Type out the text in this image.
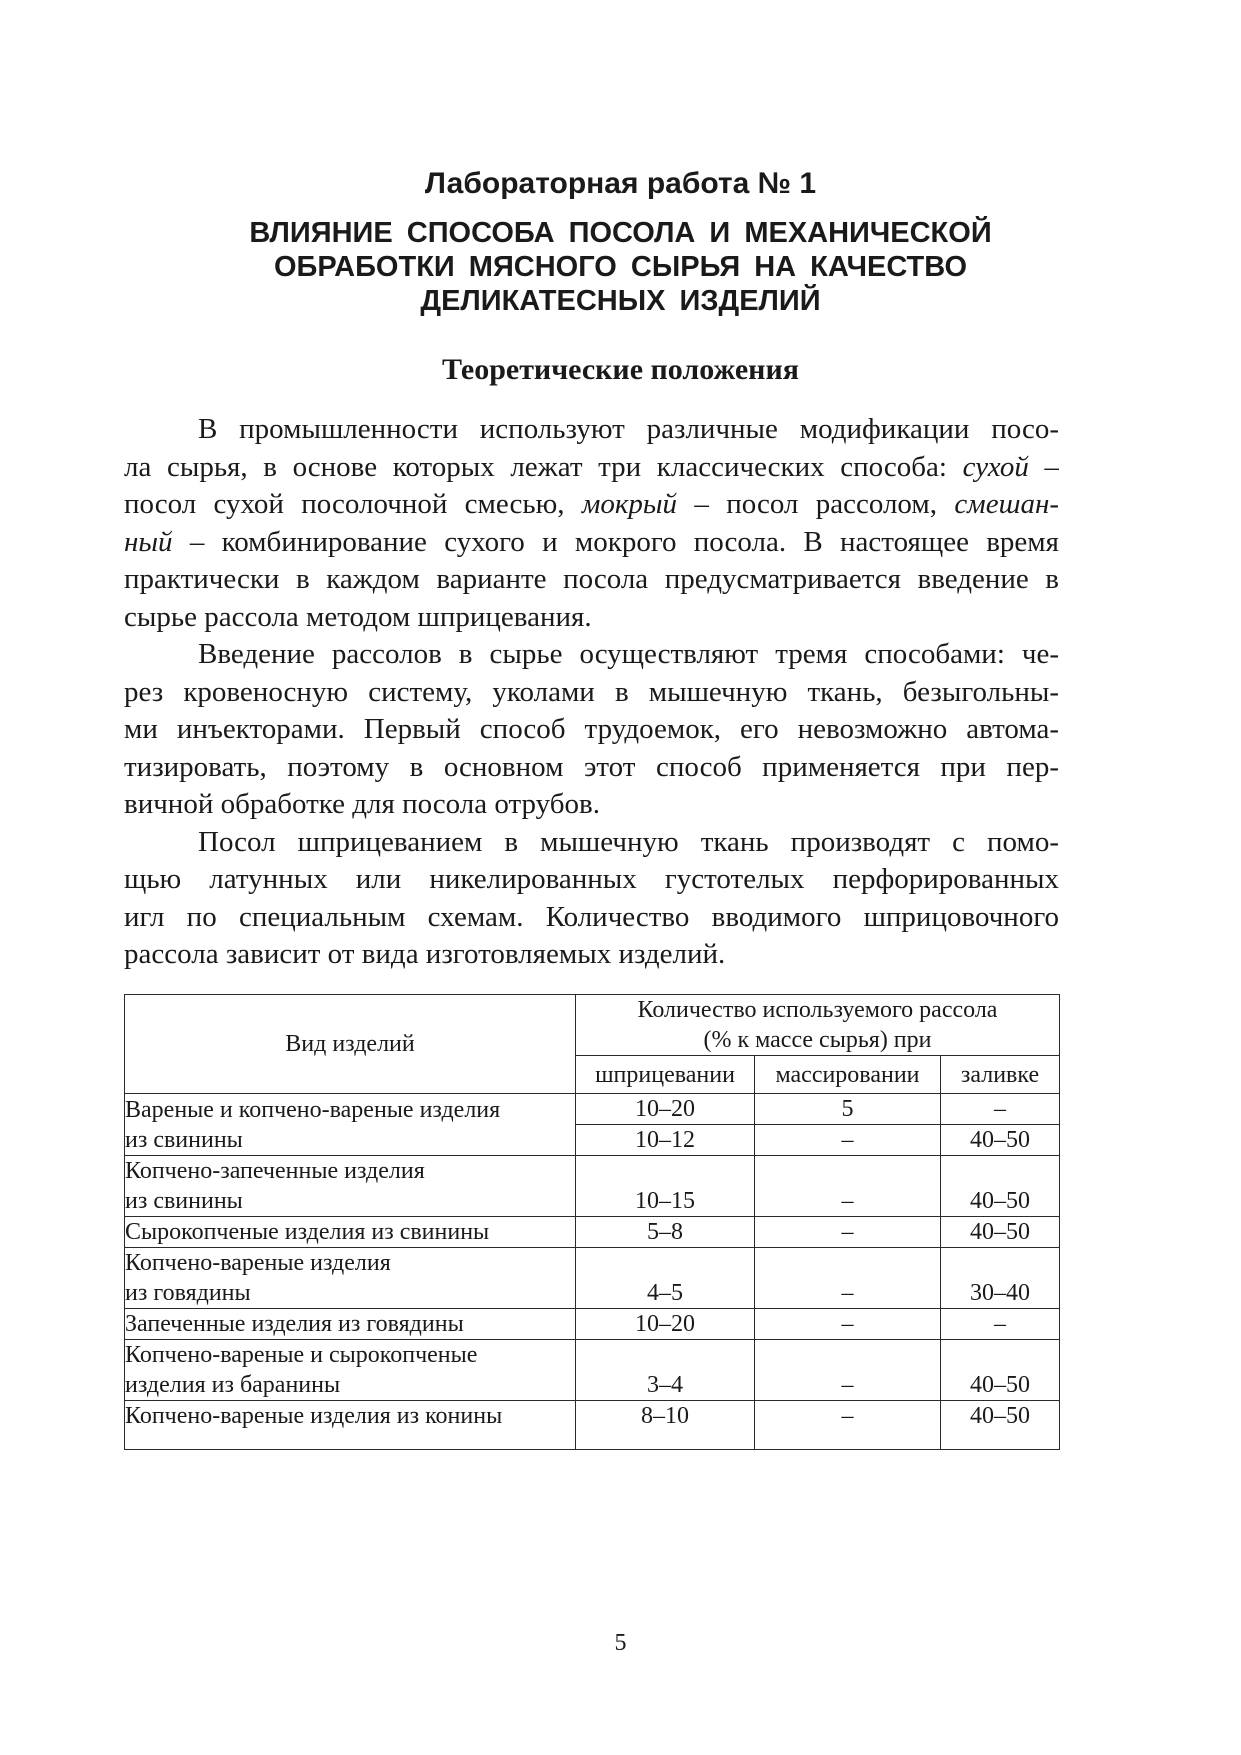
Лабораторная работа № 1
ВЛИЯНИЕ СПОСОБА ПОСОЛА И МЕХАНИЧЕСКОЙ
ОБРАБОТКИ МЯСНОГО СЫРЬЯ НА КАЧЕСТВО
ДЕЛИКАТЕСНЫХ ИЗДЕЛИЙ
Теоретические положения
В промышленности используют различные модификации посо-
ла сырья, в основе которых лежат три классических способа: сухой –
посол сухой посолочной смесью, мокрый – посол рассолом, смешан-
ный – комбинирование сухого и мокрого посола. В настоящее время
практически в каждом варианте посола предусматривается введение в
сырье рассола методом шприцевания.
Введение рассолов в сырье осуществляют тремя способами: че-
рез кровеносную систему, уколами в мышечную ткань, безыгольны-
ми инъекторами. Первый способ трудоемок, его невозможно автома-
тизировать, поэтому в основном этот способ применяется при пер-
вичной обработке для посола отрубов.
Посол шприцеванием в мышечную ткань производят с помо-
щью латунных или никелированных густотелых перфорированных
игл по специальным схемам. Количество вводимого шприцовочного
рассола зависит от вида изготовляемых изделий.
Вид изделий	Количество используемого рассола
(% к массе сырья) при		

	шприцевании	массировании	заливке
Вареные и копчено-вареные изделия	10–20	5	–
из свинины	10–12	–	40–50

Копчено-запеченные изделия
из свинины	10–15	–	40–50
Сырокопченые изделия из свинины	5–8	–	40–50

Копчено-вареные изделия
из говядины	4–5	–	30–40
Запеченные изделия из говядины	10–20	–	–

Копчено-вареные и сырокопченые
изделия из баранины	3–4	–	40–50
Копчено-вареные изделия из конины	8–10	–	40–50
5
